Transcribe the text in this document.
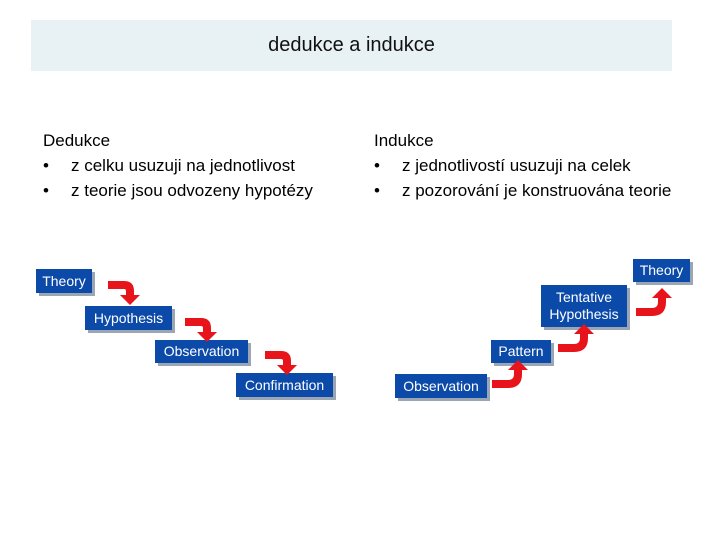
dedukce a indukce
Dedukce
• z celku usuzuji na jednotlivost
• z teorie jsou odvozeny hypotézy
Indukce
• z jednotlivostí usuzuji na celek
• z pozorování je konstruována teorie
Theory
Hypothesis
Observation
Confirmation	Observation
Pattern
Tentative Hypothesis
Theory
